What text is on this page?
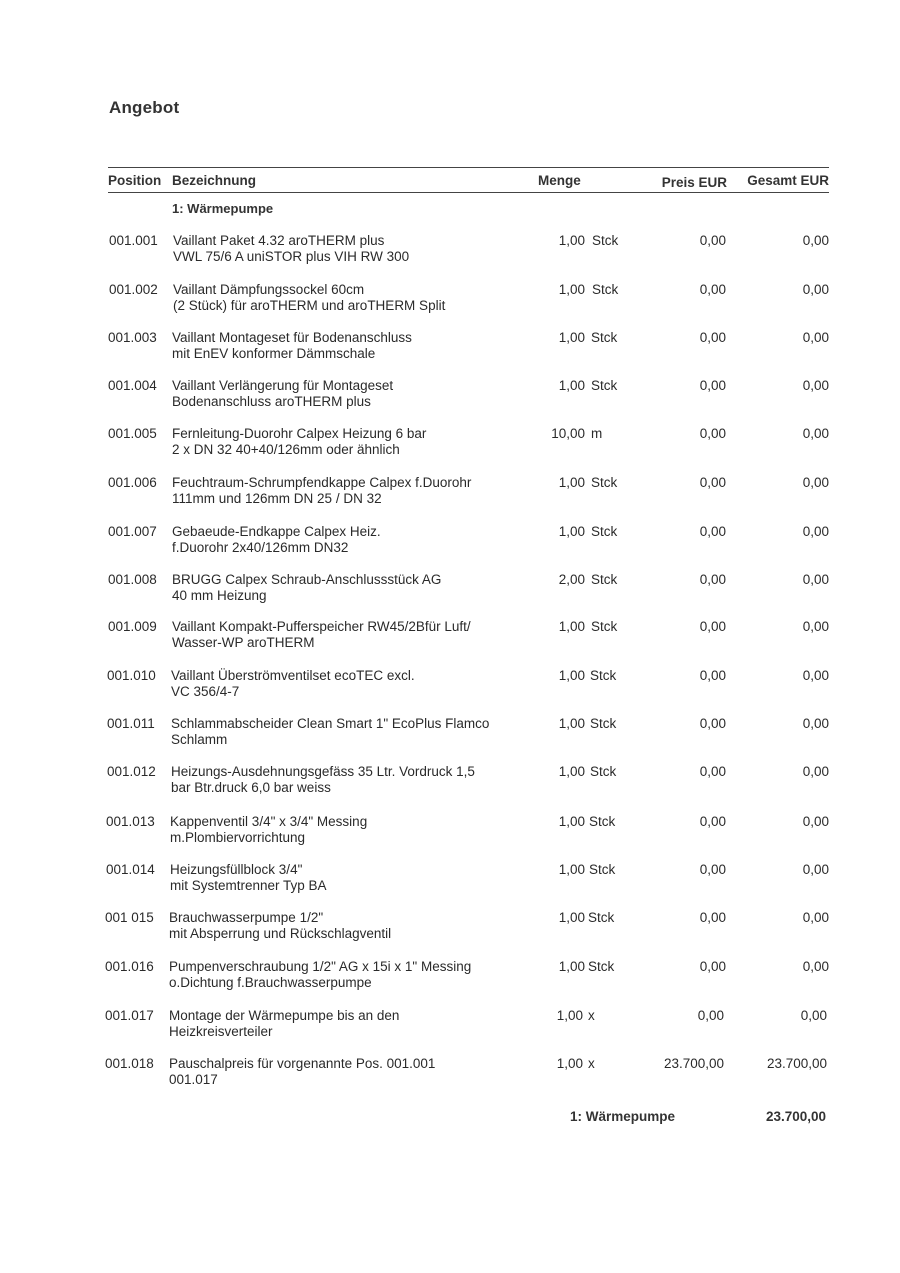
Angebot
Position Bezeichnung	Menge	Preis EUR Gesamt EUR
1: Wärmepumpe
001.001	Vaillant Paket 4.32 aroTHERM plus
VWL 75/6 A uniSTOR plus VIH RW 300
1,00 Stck	0,00	0,00
001.002	Vaillant Dämpfungssockel 60cm
(2 Stück) für aroTHERM und aroTHERM Split
1,00 Stck	0,00	0,00
001.003	Vaillant Montageset für Bodenanschluss
mit EnEV konformer Dämmschale
1,00 Stck	0,00	0,00
001.004	Vaillant Verlängerung für Montageset
Bodenanschluss aroTHERM plus
1,00 Stck	0,00	0,00
001.005	Fernleitung-Duorohr Calpex Heizung 6 bar
2 x DN 32 40+40/126mm oder ähnlich
10,00 m	0,00	0,00
001.006	Feuchtraum-Schrumpfendkappe Calpex f.Duorohr
111mm und 126mm DN 25 / DN 32
1,00 Stck	0,00	0,00
001.007	Gebaeude-Endkappe Calpex Heiz.
f.Duorohr 2x40/126mm DN32
1,00 Stck	0,00	0,00
001.008	BRUGG Calpex Schraub-Anschlussstück AG
40 mm Heizung
2,00 Stck	0,00	0,00
001.009	Vaillant Kompakt-Pufferspeicher RW45/2Bfür Luft/
Wasser-WP aroTHERM
1,00 Stck	0,00	0,00
001.010	Vaillant Überströmventilset ecoTEC excl.
VC 356/4-7
1,00 Stck	0,00	0,00
001.011	Schlammabscheider Clean Smart 1" EcoPlus Flamco
Schlamm
1,00 Stck	0,00	0,00
001.012	Heizungs-Ausdehnungsgefäss 35 Ltr. Vordruck 1,5
bar Btr.druck 6,0 bar weiss
1,00 Stck	0,00	0,00
001.013	Kappenventil 3/4" x 3/4" Messing
m.Plombiervorrichtung
1,00 Stck	0,00	0,00
001.014	Heizungsfüllblock 3/4"
mit Systemtrenner Typ BA
1,00 Stck	0,00	0,00
001 015	Brauchwasserpumpe 1/2"
mit Absperrung und Rückschlagventil
1,00 Stck	0,00	0,00
001.016	Pumpenverschraubung 1/2" AG x 15i x 1" Messing
o.Dichtung f.Brauchwasserpumpe
1,00 Stck	0,00	0,00
001.017	Montage der Wärmepumpe bis an den
Heizkreisverteiler
1,00 x	0,00	0,00
001.018	Pauschalpreis für vorgenannte Pos. 001.001
001.017
1,00 x	23.700,00	23.700,00
1: Wärmepumpe	23.700,00
